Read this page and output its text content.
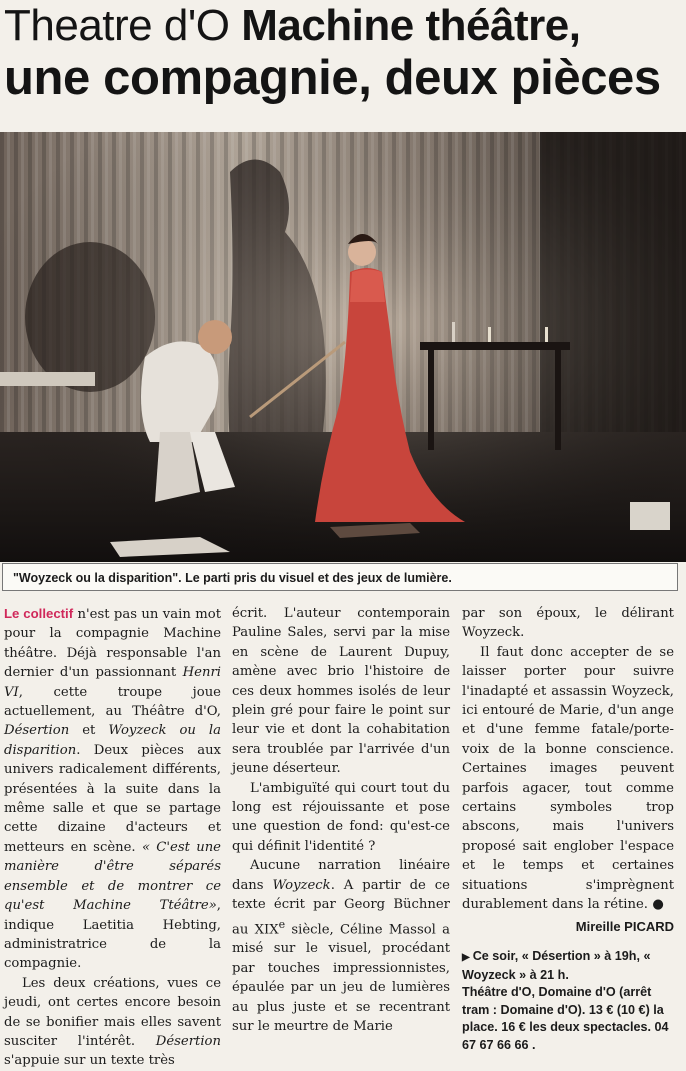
Theatre d'O Machine théâtre,
une compagnie, deux pièces
"Woyzeck ou la disparition". Le parti pris du visuel et des jeux de lumière.

Le collectif n'est pas un vain mot pour la compagnie Machine théâtre. Déjà responsable l'an dernier d'un passionnant Henri VI, cette troupe joue actuellement, au Théâtre d'O, Désertion et Woyzeck ou la disparition. Deux pièces aux univers radicalement différents, présentées à la suite dans la même salle et que se partage cette dizaine d'acteurs et metteurs en scène. « C'est une manière d'être séparés ensemble et de montrer ce qu'est Machine Ttéâtre», indique Laetitia Hebting, administratrice de la compagnie.

Les deux créations, vues ce jeudi, ont certes encore besoin de se bonifier mais elles savent susciter l'intérêt. Désertion s'appuie sur un texte très

écrit. L'auteur contemporain Pauline Sales, servi par la mise en scène de Laurent Dupuy, amène avec brio l'histoire de ces deux hommes isolés de leur plein gré pour faire le point sur leur vie et dont la cohabitation sera troublée par l'arrivée d'un jeune déserteur.

L'ambiguïté qui court tout du long est réjouissante et pose une question de fond: qu'est-ce qui définit l'identité ?

Aucune narration linéaire dans Woyzeck. A partir de ce texte écrit par Georg Büchner au XIXe siècle, Céline Massol a misé sur le visuel, procédant par touches impressionnistes, épaulée par un jeu de lumières au plus juste et se recentrant sur le meurtre de Marie

par son époux, le délirant Woyzeck.

Il faut donc accepter de se laisser porter pour suivre l'inadapté et assassin Woyzeck, ici entouré de Marie, d'un ange et d'une femme fatale/porte-voix de la bonne conscience. Certaines images peuvent parfois agacer, tout comme certains symboles trop abscons, mais l'univers proposé sait englober l'espace et le temps et certaines situations s'imprègnent durablement dans la rétine. ●

Mireille PICARD
▶ Ce soir, « Désertion » à 19h, « Woyzeck » à 21 h.
Théâtre d'O, Domaine d'O (arrêt tram : Domaine d'O). 13 € (10 €) la place. 16 € les deux spectacles. 04 67 67 66 66 .
